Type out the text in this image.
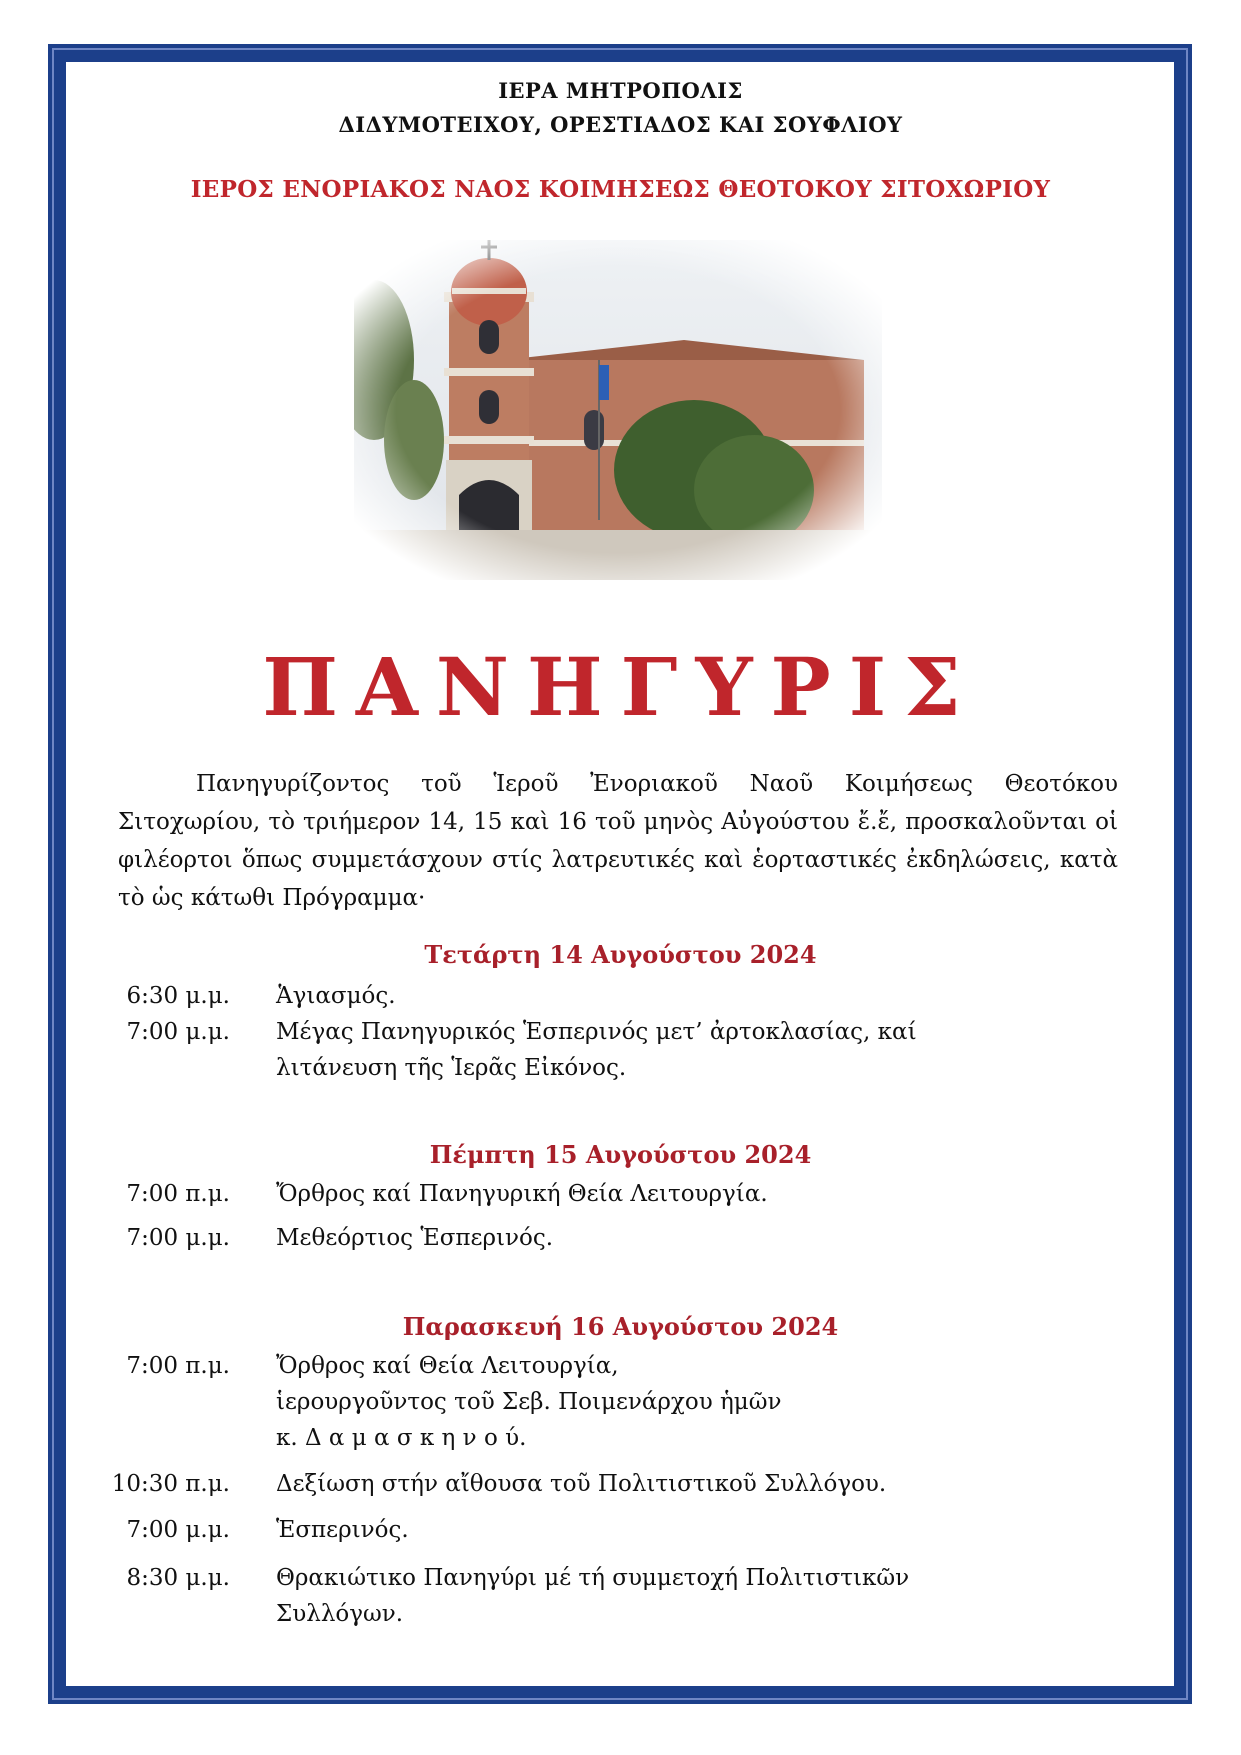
ΙΕΡΑ ΜΗΤΡΟΠΟΛΙΣ
ΔΙΔΥΜΟΤΕΙΧΟΥ, ΟΡΕΣΤΙΑΔΟΣ ΚΑΙ ΣΟΥΦΛΙΟΥ
ΙΕΡΟΣ ΕΝΟΡΙΑΚΟΣ ΝΑΟΣ ΚΟΙΜΗΣΕΩΣ ΘΕΟΤΟΚΟΥ ΣΙΤΟΧΩΡΙΟΥ
ΠΑΝΗΓΥΡΙΣ

Πανηγυρίζοντος τοῦ Ἱεροῦ Ἐνοριακοῦ Ναοῦ Κοιμήσεως Θεοτόκου Σιτοχωρίου, τὸ τριήμερον 14, 15 καὶ 16 τοῦ μηνὸς Αὐγούστου ἔ.ἔ, προσκαλοῦνται οἱ φιλέορτοι ὅπως συμμετάσχουν στίς λατρευτικές καὶ ἑορταστικές ἐκδηλώσεις, κατὰ τὸ ὡς κάτωθι Πρόγραμμα·

Τετάρτη 14 Αυγούστου 2024
6:30 μ.μ. Ἁγιασμός.
7:00 μ.μ. Μέγας Πανηγυρικός Ἑσπερινός μετ’ ἀρτοκλασίας, καί
λιτάνευση τῆς Ἱερᾶς Εἰκόνος.
Πέμπτη 15 Αυγούστου 2024
7:00 π.μ. Ὄρθρος καί Πανηγυρική Θεία Λειτουργία.
7:00 μ.μ. Μεθεόρτιος Ἑσπερινός.
Παρασκευή 16 Αυγούστου 2024
7:00 π.μ. Ὄρθρος καί Θεία Λειτουργία,
ἱερουργοῦντος τοῦ Σεβ. Ποιμενάρχου ἡμῶν
κ. Δ α μ α σ κ η ν ο ύ.
10:30 π.μ. Δεξίωση στήν αἴθουσα τοῦ Πολιτιστικοῦ Συλλόγου.
7:00 μ.μ. Ἑσπερινός.
8:30 μ.μ. Θρακιώτικο Πανηγύρι μέ τή συμμετοχή Πολιτιστικῶν
Συλλόγων.
